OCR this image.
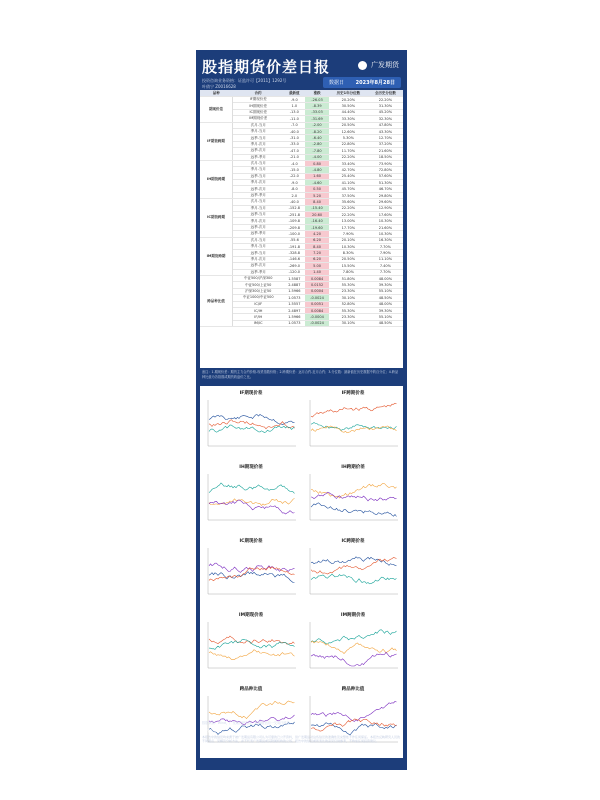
股指期货价差日报	广发期货
投资咨询业务资格：证监许可【2011】1292号
叶倩宁 Z0016628
数据日 2023年8月28日
品种	合约	最新值	涨跌	历史1年分位数	全历史分位数
期现价差	IF期现价差	-9.0	-26.03	20.20%	22.20%
	IH期现价差	1.0	-8.39	30.50%	31.30%
	IC期现价差	-13.0	-33.03	44.40%	45.20%
	IM期现价差	-11.0	-31.69	33.30%	32.30%
IF期货跨期	次月-当月	-7.0	-2.00	20.50%	47.80%
	季月-当月	-40.0	-8.20	12.60%	43.30%
	远季-当月	-31.0	-6.40	5.30%	12.70%
	季月-次月	-33.0	-2.80	22.80%	37.20%
	远季-次月	-47.0	-7.80	11.70%	21.60%
	远季-季月	-21.0	-4.00	22.20%	18.50%
IH期货跨期	次月-当月	-4.0	0.80	33.40%	73.90%
	季月-当月	-15.0	-4.80	42.70%	72.80%
	远季-当月	-22.0	1.60	25.40%	57.60%
	季月-次月	-9.0	-4.60	41.10%	51.30%
	远季-次月	-8.0	0.50	45.70%	46.70%
	远季-季月	2.0	5.20	37.50%	29.80%
IC期货跨期	次月-当月	-40.0	8.40	35.60%	29.60%
	季月-当月	-152.8	-15.40	22.20%	12.90%
	远季-当月	-251.8	20.60	22.20%	17.60%
	季月-次月	-109.8	-16.40	13.00%	10.30%
	远季-次月	-209.8	-19.60	17.70%	21.60%
	远季-季月	-100.0	4.20	7.90%	10.30%
IM期货跨期	次月-当月	-55.6	6.20	20.10%	16.30%
	季月-当月	-191.8	8.40	10.30%	7.70%
	远季-当月	-328.8	7.20	8.30%	7.90%
	季月-次月	-146.6	6.20	20.50%	11.10%
	远季-次月	-269.0	5.00	15.50%	7.40%
	远季-季月	-120.0	1.40	7.80%	7.70%
跨品种比值	中证500/沪深300	1.5587	0.0084	51.80%	48.00%
	中证500/上证50	2.4887	0.0152	55.30%	39.30%
	沪深300/上证50	1.5966	0.0004	23.30%	55.10%
	中证1000/中证500	1.0573	-0.0024	30.10%	48.50%
	IC/IF	1.5557	0.0051	52.80%	48.00%
	IC/IH	2.4897	0.0084	55.30%	39.30%
	IF/IH	1.5966	-0.0004	23.30%	55.10%
	IM/IC	1.0573	-0.0024	30.10%	48.50%
备注：1.期现价差：期货主力合约价格-现货指数价格；2.跨期价差：远月合约-近月合约；3.分位数：最新值在历史数据中的百分位；4.跨品种比值为各指数或期货收盘价之比。
IF期现价差	IF跨期价差
IH期现价差	IH跨期价差
IC期现价差	IC跨期价差
IM期现价差	IM跨期价差
跨品种比值	跨品种比值
数据来源：Wind，广发期货研究所，数据截至前一交易日收盘
免责声明
本报告中的信息均来源于被广发期货有限公司认为可靠的已公开资料，但广发期货对这些信息的准确性及完整性不作任何保证。本报告反映研究人员的不同观点、见解及分析方法，并不代表广发期货或其附属机构的立场。报告中的信息或所表达的意见仅供参考，不构成任何投资建议。
知识图强，求实奉献，客户至上，合作共赢
